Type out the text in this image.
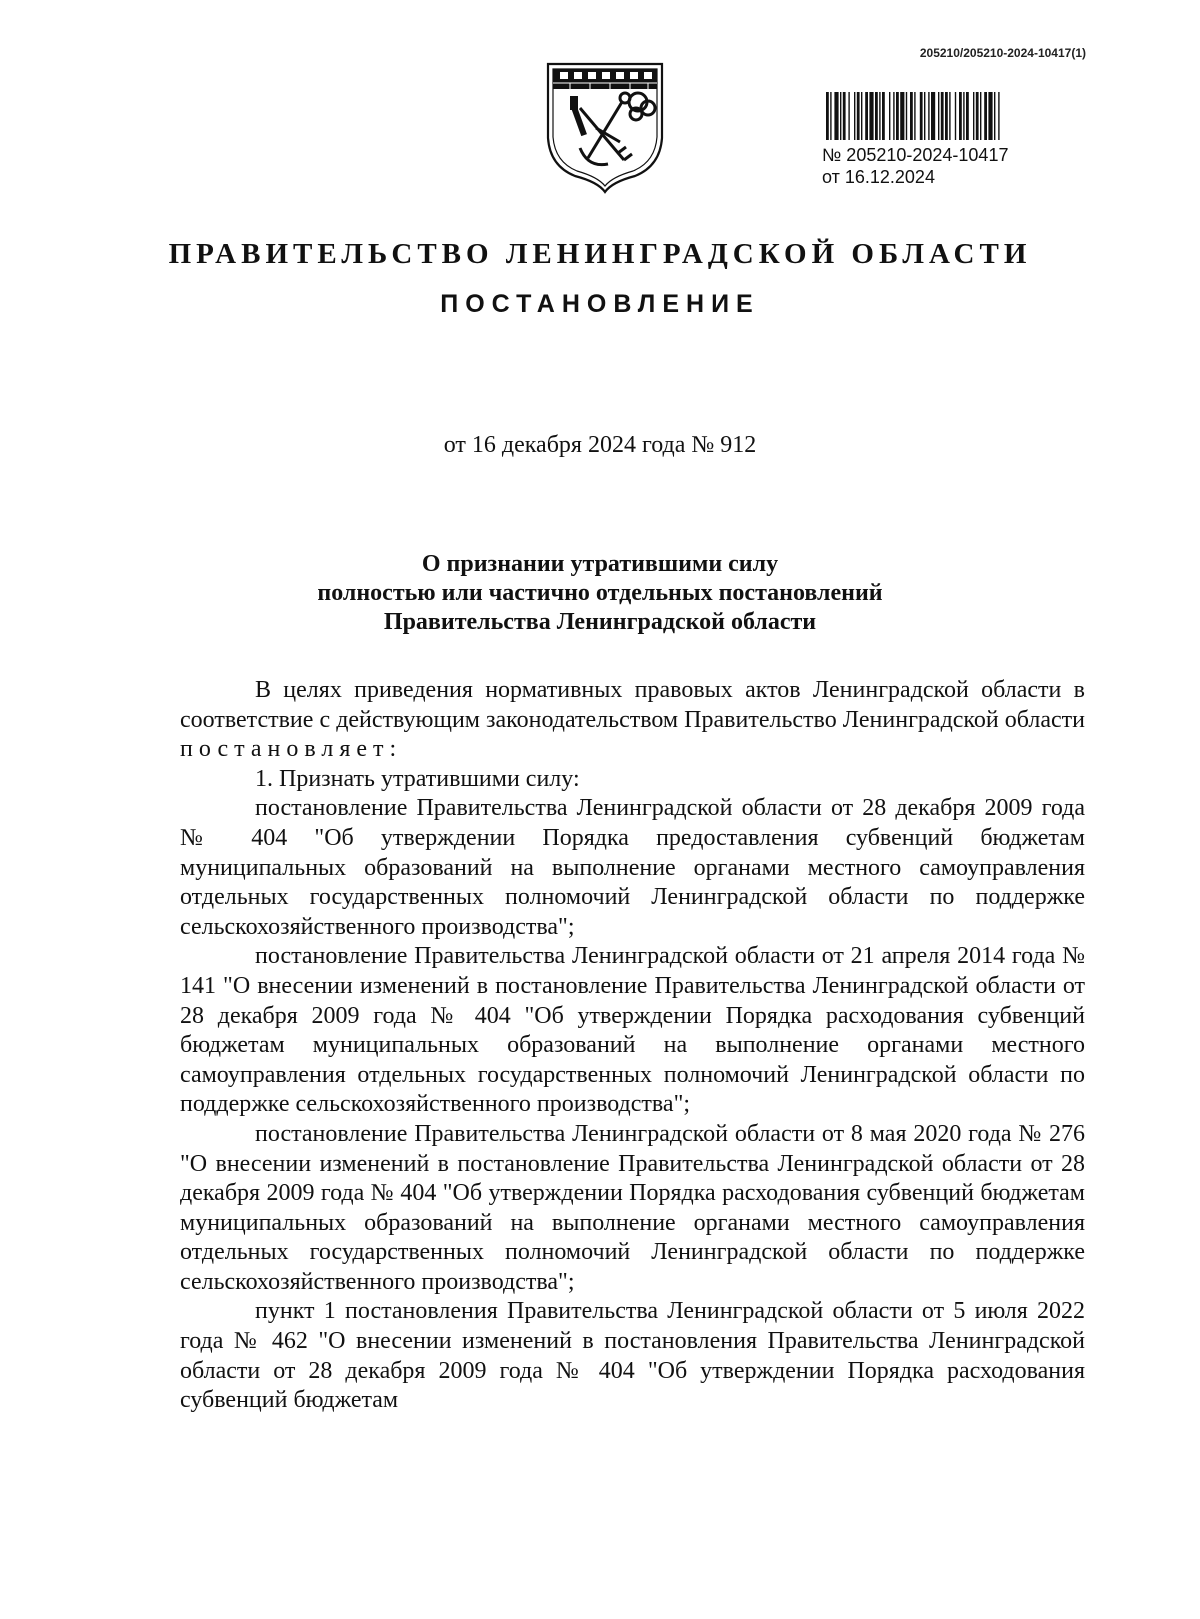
205210/205210-2024-10417(1)
№ 205210-2024-10417
от 16.12.2024
ПРАВИТЕЛЬСТВО ЛЕНИНГРАДСКОЙ ОБЛАСТИ
ПОСТАНОВЛЕНИЕ
от 16 декабря 2024 года № 912
О признании утратившими силу
полностью или частично отдельных постановлений
Правительства Ленинградской области

В целях приведения нормативных правовых актов Ленинградской области в соответствие с действующим законодательством Правительство Ленинградской области постановляет:

1. Признать утратившими силу:

постановление Правительства Ленинградской области от 28 декабря 2009 года № 404 "Об утверждении Порядка предоставления субвенций бюджетам муниципальных образований на выполнение органами местного самоуправления отдельных государственных полномочий Ленинградской области по поддержке сельскохозяйственного производства";

постановление Правительства Ленинградской области от 21 апреля 2014 года № 141 "О внесении изменений в постановление Правительства Ленинградской области от 28 декабря 2009 года № 404 "Об утверждении Порядка расходования субвенций бюджетам муниципальных образований на выполнение органами местного самоуправления отдельных государственных полномочий Ленинградской области по поддержке сельскохозяйственного производства";

постановление Правительства Ленинградской области от 8 мая 2020 года № 276 "О внесении изменений в постановление Правительства Ленинградской области от 28 декабря 2009 года № 404 "Об утверждении Порядка расходования субвенций бюджетам муниципальных образований на выполнение органами местного самоуправления отдельных государственных полномочий Ленинградской области по поддержке сельскохозяйственного производства";

пункт 1 постановления Правительства Ленинградской области от 5 июля 2022 года № 462 "О внесении изменений в постановления Правительства Ленинградской области от 28 декабря 2009 года № 404 "Об утверждении Порядка расходования субвенций бюджетам
